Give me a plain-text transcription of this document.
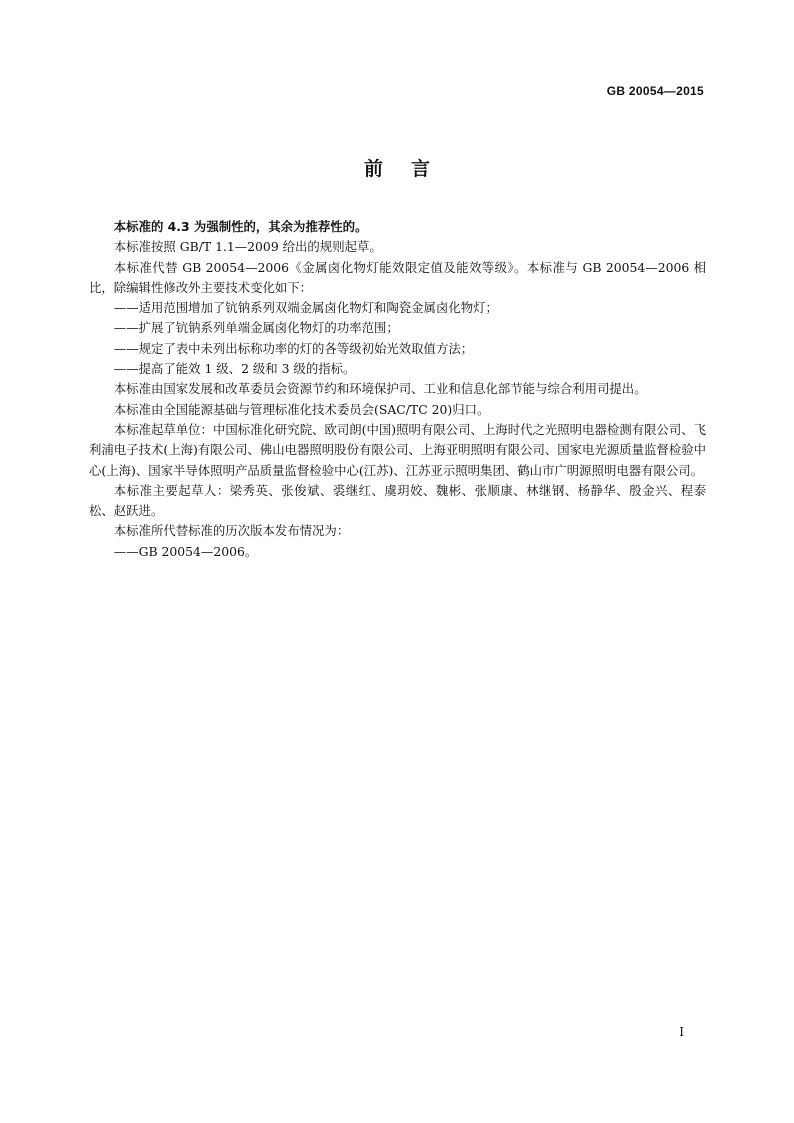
GB 20054—2015
前言

本标准的 4.3 为强制性的，其余为推荐性的。

本标准按照 GB/T 1.1—2009 给出的规则起草。

本标准代替 GB 20054—2006《金属卤化物灯能效限定值及能效等级》。本标准与 GB 20054—2006 相比，除编辑性修改外主要技术变化如下：

——适用范围增加了钪钠系列双端金属卤化物灯和陶瓷金属卤化物灯；

——扩展了钪钠系列单端金属卤化物灯的功率范围；

——规定了表中未列出标称功率的灯的各等级初始光效取值方法；

——提高了能效 1 级、2 级和 3 级的指标。

本标准由国家发展和改革委员会资源节约和环境保护司、工业和信息化部节能与综合利用司提出。

本标准由全国能源基础与管理标准化技术委员会(SAC/TC 20)归口。

本标准起草单位：中国标准化研究院、欧司朗(中国)照明有限公司、上海时代之光照明电器检测有限公司、飞利浦电子技术(上海)有限公司、佛山电器照明股份有限公司、上海亚明照明有限公司、国家电光源质量监督检验中心(上海)、国家半导体照明产品质量监督检验中心(江苏)、江苏亚示照明集团、鹤山市广明源照明电器有限公司。

本标准主要起草人：梁秀英、张俊斌、裘继红、虞玥姣、魏彬、张顺康、林继钢、杨静华、殷金兴、程泰松、赵跃进。

本标准所代替标准的历次版本发布情况为：

——GB 20054—2006。

I
